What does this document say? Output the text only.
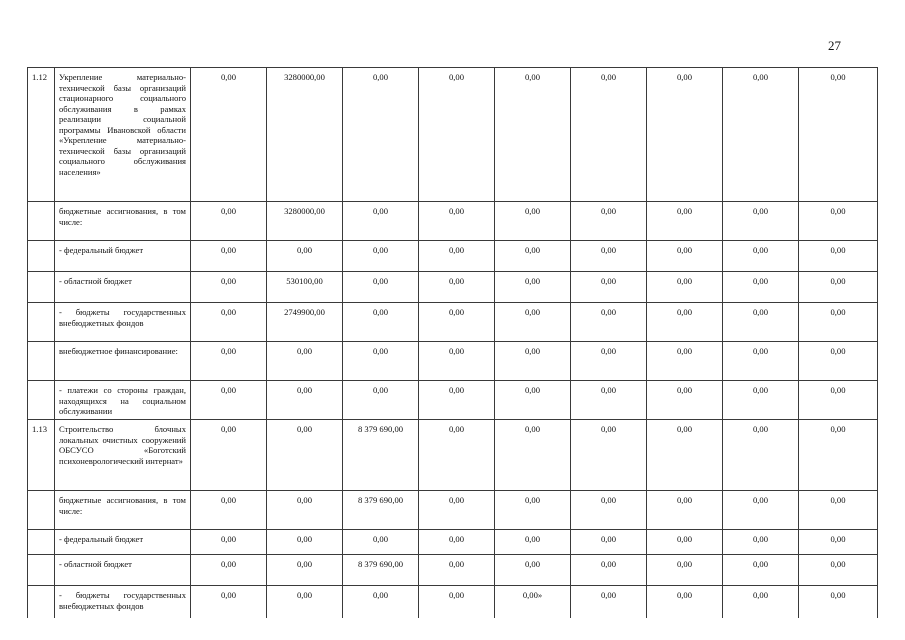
27
1.12	Укрепление материально-технической базы организаций стационарного социального обслуживания в рамках реализации социальной программы Ивановской области «Укрепление материально-технической базы организаций социального обслуживания населения»	0,00	3280000,00	0,00	0,00	0,00	0,00	0,00	0,00	0,00
	бюджетные ассигнования, в том числе:	0,00	3280000,00	0,00	0,00	0,00	0,00	0,00	0,00	0,00
	- федеральный бюджет	0,00	0,00	0,00	0,00	0,00	0,00	0,00	0,00	0,00
	- областной бюджет	0,00	530100,00	0,00	0,00	0,00	0,00	0,00	0,00	0,00
	- бюджеты государственных внебюджетных фондов	0,00	2749900,00	0,00	0,00	0,00	0,00	0,00	0,00	0,00
	внебюджетное финансирование:	0,00	0,00	0,00	0,00	0,00	0,00	0,00	0,00	0,00
	- платежи со стороны граждан, находящихся на социальном обслуживании	0,00	0,00	0,00	0,00	0,00	0,00	0,00	0,00	0,00
1.13	Строительство блочных локальных очистных сооружений ОБСУСО «Боготский психоневрологический интернат»	0,00	0,00	8 379 690,00	0,00	0,00	0,00	0,00	0,00	0,00
	бюджетные ассигнования, в том числе:	0,00	0,00	8 379 690,00	0,00	0,00	0,00	0,00	0,00	0,00
	- федеральный бюджет	0,00	0,00	0,00	0,00	0,00	0,00	0,00	0,00	0,00
	- областной бюджет	0,00	0,00	8 379 690,00	0,00	0,00	0,00	0,00	0,00	0,00
	- бюджеты государственных внебюджетных фондов	0,00	0,00	0,00	0,00	0,00»	0,00	0,00	0,00	0,00
